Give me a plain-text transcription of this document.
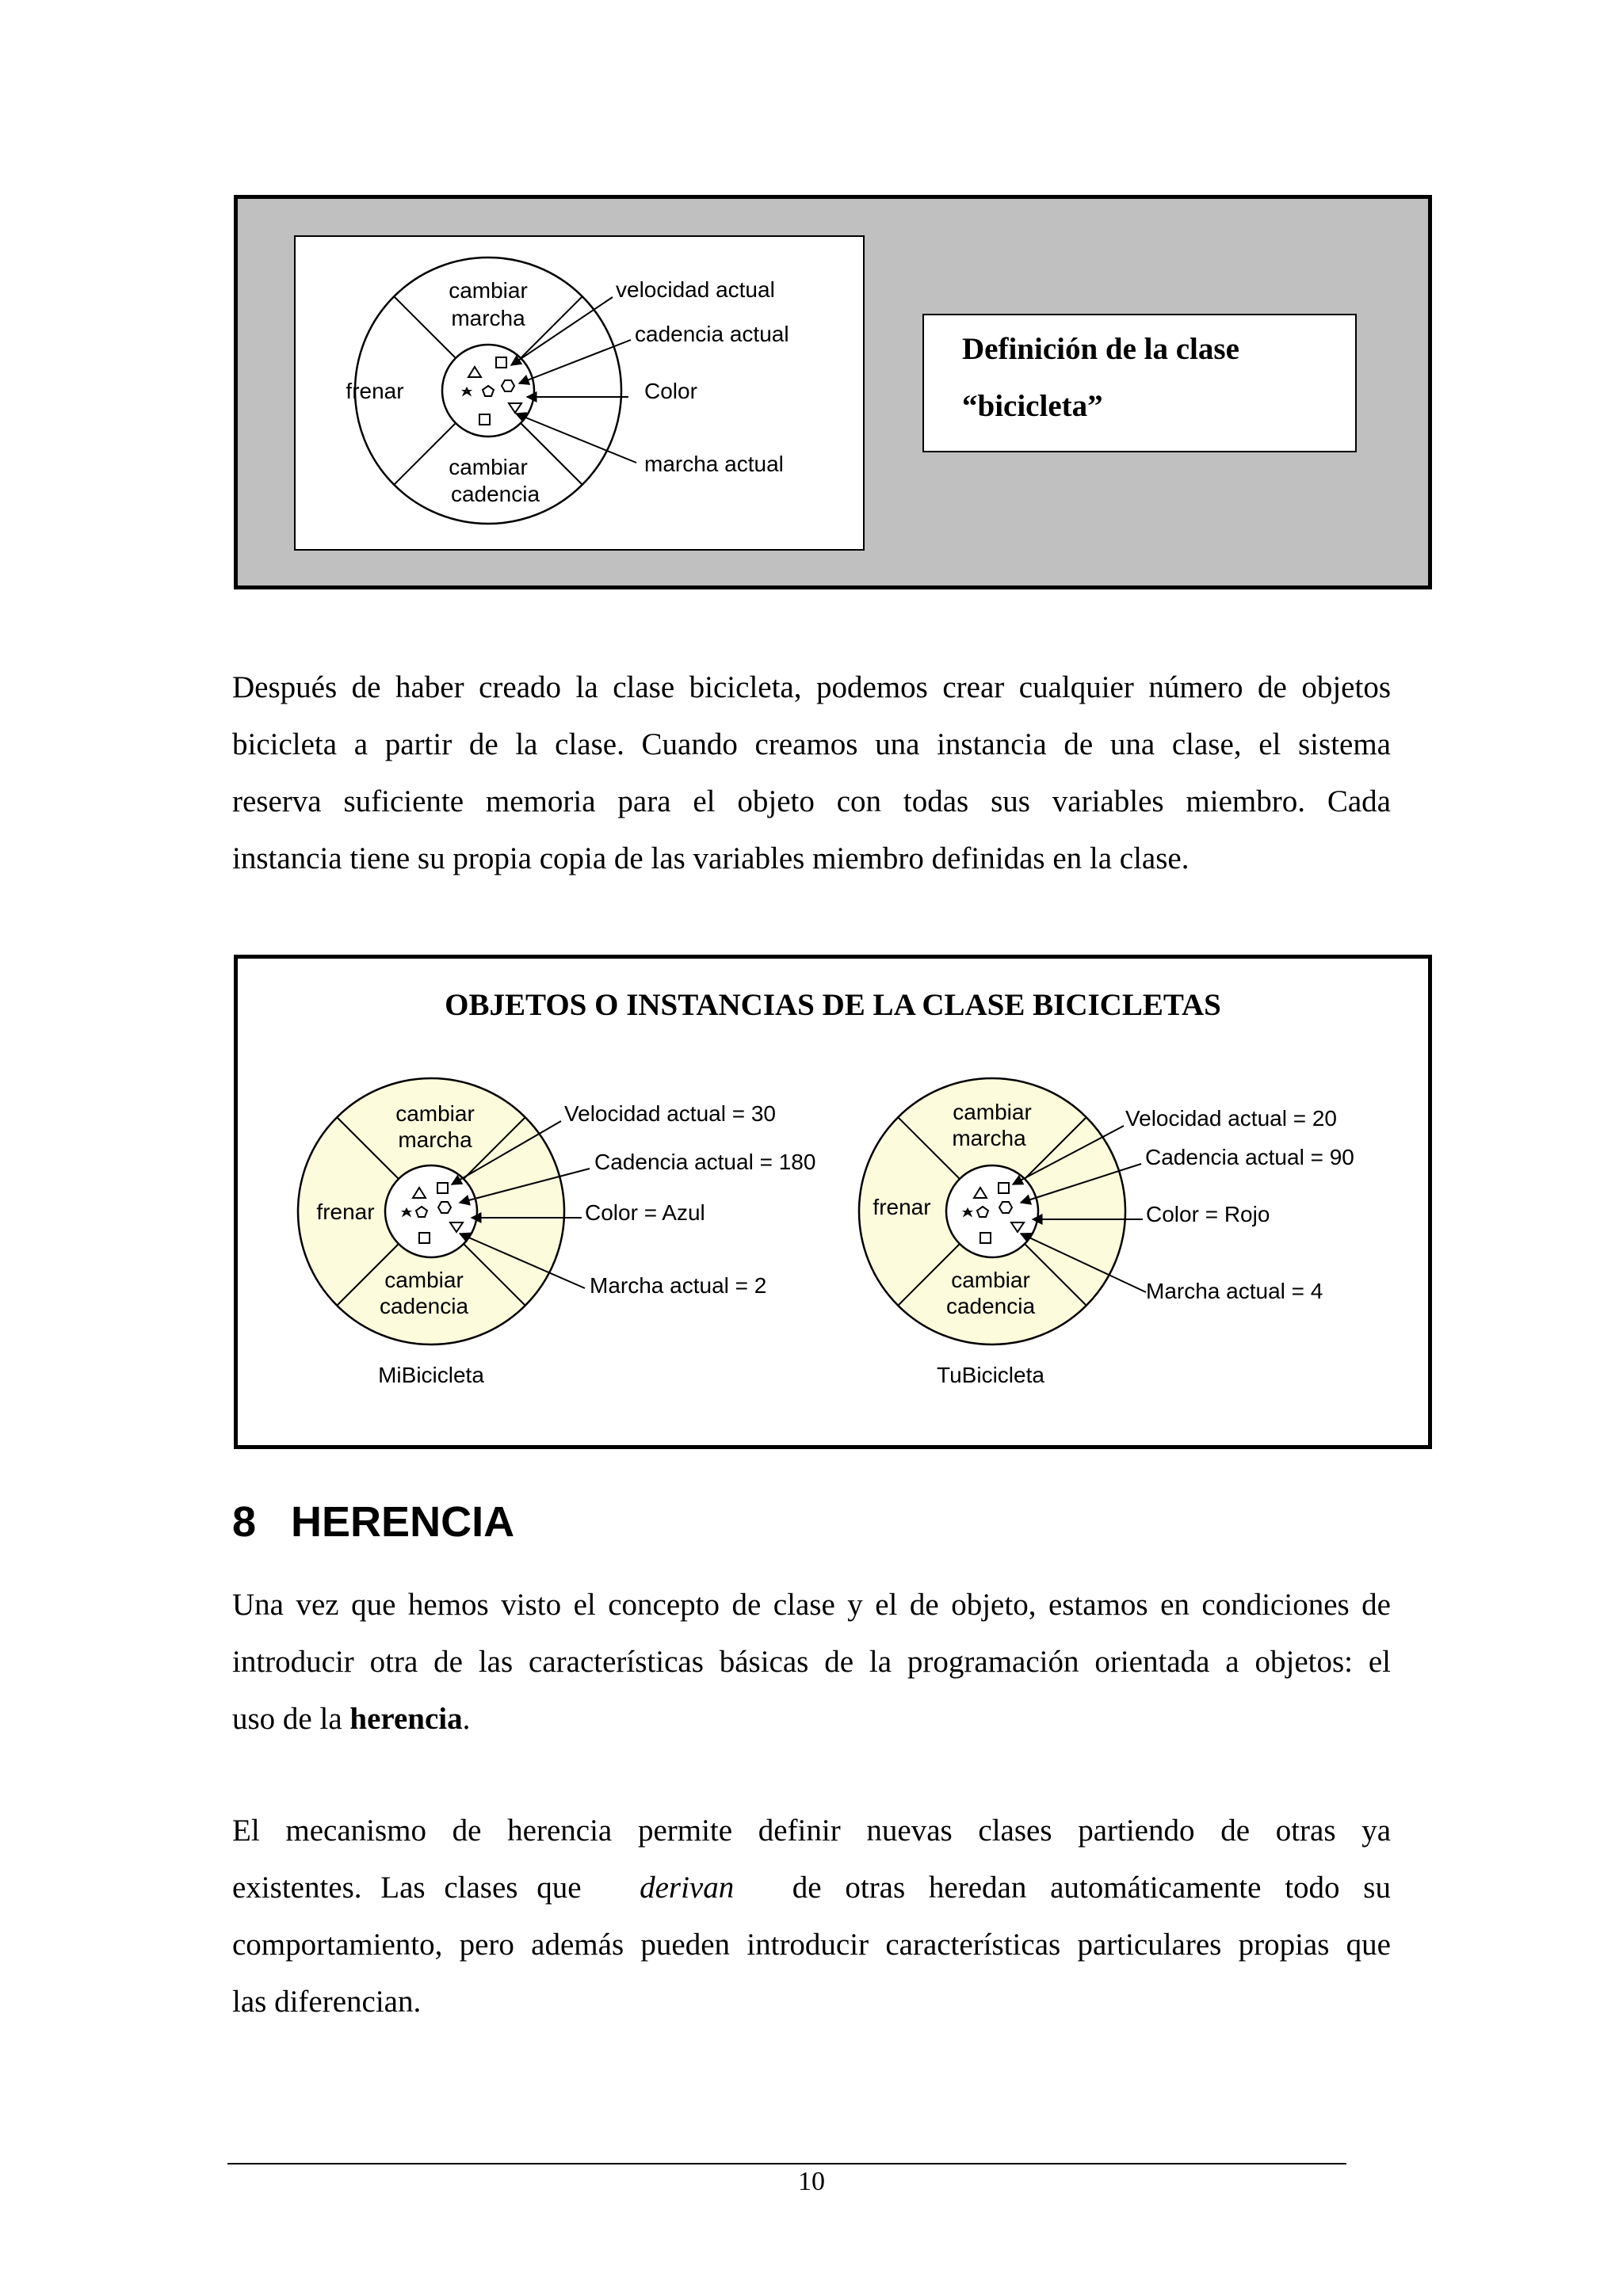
cambiar
marcha
frenar
cambiar
cadencia
velocidad actual
cadencia actual
Color
marcha actual
Definición de la clase
“bicicleta”
Después de haber creado la clase bicicleta, podemos crear cualquier número de objetos
bicicleta a partir de la clase. Cuando creamos una instancia de una clase, el sistema
reserva suficiente memoria para el objeto con todas sus variables miembro. Cada
instancia tiene su propia copia de las variables miembro definidas en la clase.
OBJETOS O INSTANCIAS DE LA CLASE BICICLETAS
cambiar
marcha
frenar
cambiar
cadencia
Velocidad actual = 30
Cadencia actual = 180
Color = Azul
Marcha actual = 2
MiBicicleta
cambiar
marcha
frenar
cambiar
cadencia
Velocidad actual = 20
Cadencia actual = 90
Color = Rojo
Marcha actual = 4
TuBicicleta
8 HERENCIA
Una vez que hemos visto el concepto de clase y el de objeto, estamos en condiciones de
introducir otra de las características básicas de la programación orientada a objetos: el
uso de la herencia.
El mecanismo de herencia permite definir nuevas clases partiendo de otras ya
existentes. Las clases que derivan de otras heredan automáticamente todo su
comportamiento, pero además pueden introducir características particulares propias que
las diferencian.
10
